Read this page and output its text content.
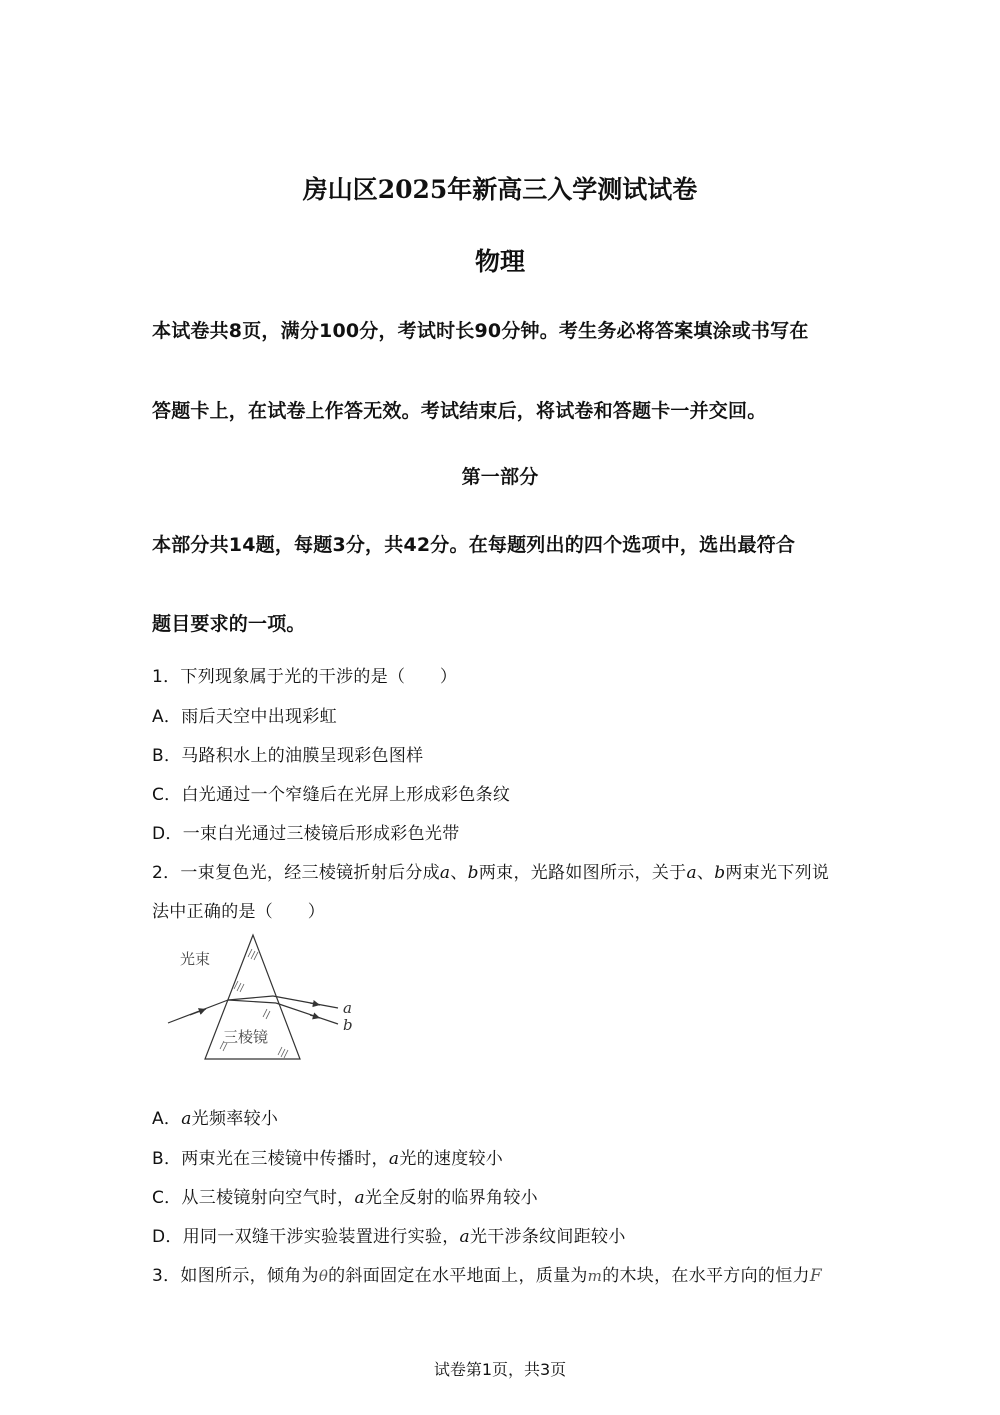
房山区2025年新高三入学测试试卷
物理
本试卷共8页，满分100分，考试时长90分钟。考生务必将答案填涂或书写在
答题卡上，在试卷上作答无效。考试结束后，将试卷和答题卡一并交回。
第一部分
本部分共14题，每题3分，共42分。在每题列出的四个选项中，选出最符合
题目要求的一项。
1．下列现象属于光的干涉的是（　　）
A．雨后天空中出现彩虹
B．马路积水上的油膜呈现彩色图样
C．白光通过一个窄缝后在光屏上形成彩色条纹
D．一束白光通过三棱镜后形成彩色光带
2．一束复色光，经三棱镜折射后分成a、b两束，光路如图所示，关于a、b两束光下列说
法中正确的是（　　）
光束
三棱镜
a
b
A．a光频率较小
B．两束光在三棱镜中传播时，a光的速度较小
C．从三棱镜射向空气时，a光全反射的临界角较小
D．用同一双缝干涉实验装置进行实验，a光干涉条纹间距较小
3．如图所示，倾角为θ的斜面固定在水平地面上，质量为m的木块，在水平方向的恒力F
试卷第1页，共3页
